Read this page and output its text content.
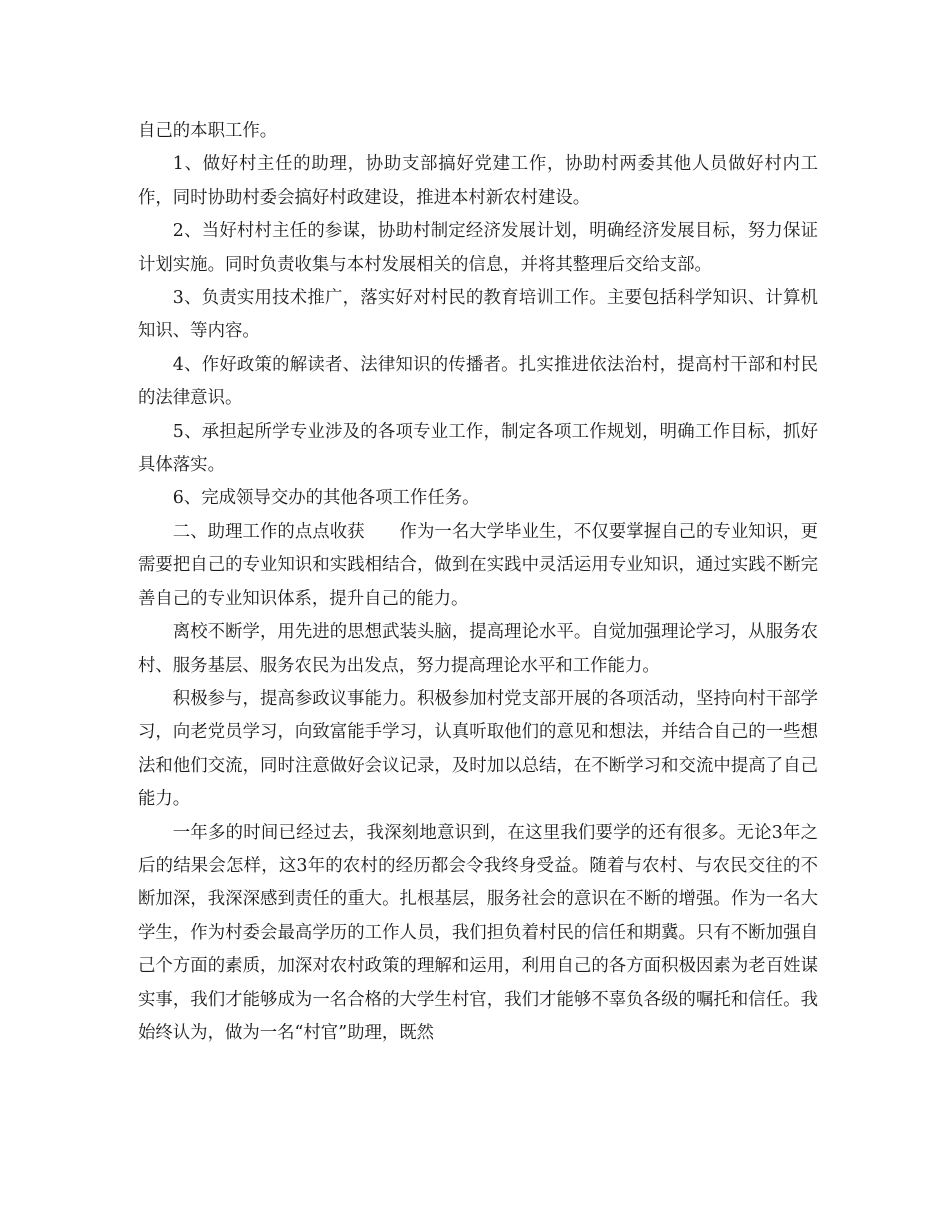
自己的本职工作。

1、做好村主任的助理，协助支部搞好党建工作，协助村两委其他人员做好村内工作，同时协助村委会搞好村政建设，推进本村新农村建设。

2、当好村村主任的参谋，协助村制定经济发展计划，明确经济发展目标，努力保证计划实施。同时负责收集与本村发展相关的信息，并将其整理后交给支部。

3、负责实用技术推广，落实好对村民的教育培训工作。主要包括科学知识、计算机知识、等内容。

4、作好政策的解读者、法律知识的传播者。扎实推进依法治村，提高村干部和村民的法律意识。

5、承担起所学专业涉及的各项专业工作，制定各项工作规划，明确工作目标，抓好具体落实。

6、完成领导交办的其他各项工作任务。

二、助理工作的点点收获　　作为一名大学毕业生，不仅要掌握自己的专业知识，更需要把自己的专业知识和实践相结合，做到在实践中灵活运用专业知识，通过实践不断完善自己的专业知识体系，提升自己的能力。

离校不断学，用先进的思想武装头脑，提高理论水平。自觉加强理论学习，从服务农村、服务基层、服务农民为出发点，努力提高理论水平和工作能力。

积极参与，提高参政议事能力。积极参加村党支部开展的各项活动，坚持向村干部学习，向老党员学习，向致富能手学习，认真听取他们的意见和想法，并结合自己的一些想法和他们交流，同时注意做好会议记录，及时加以总结，在不断学习和交流中提高了自己能力。

一年多的时间已经过去，我深刻地意识到，在这里我们要学的还有很多。无论3年之后的结果会怎样，这3年的农村的经历都会令我终身受益。随着与农村、与农民交往的不断加深，我深深感到责任的重大。扎根基层，服务社会的意识在不断的增强。作为一名大学生，作为村委会最高学历的工作人员，我们担负着村民的信任和期冀。只有不断加强自己个方面的素质，加深对农村政策的理解和运用，利用自己的各方面积极因素为老百姓谋实事，我们才能够成为一名合格的大学生村官，我们才能够不辜负各级的嘱托和信任。我始终认为，做为一名“村官”助理，既然
